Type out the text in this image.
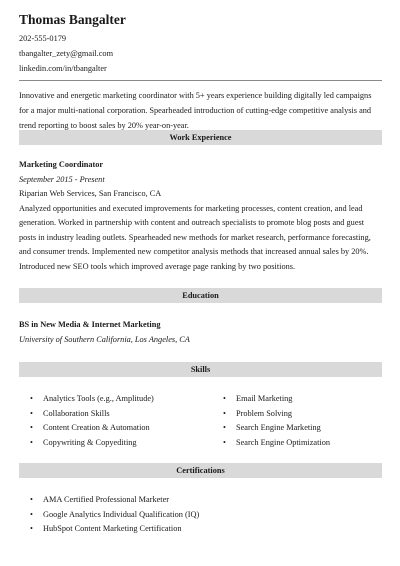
Thomas Bangalter
202-555-0179
tbangalter_zety@gmail.com
linkedin.com/in/tbangalter
Innovative and energetic marketing coordinator with 5+ years experience building digitally led campaigns for a major multi-national corporation. Spearheaded introduction of cutting-edge competitive analysis and trend reporting to boost sales by 20% year-on-year.
Work Experience
Marketing Coordinator
September 2015 - Present
Riparian Web Services, San Francisco, CA
Analyzed opportunities and executed improvements for marketing processes, content creation, and lead generation. Worked in partnership with content and outreach specialists to promote blog posts and guest posts in industry leading outlets. Spearheaded new methods for market research, performance forecasting, and consumer trends. Implemented new competitor analysis methods that increased annual sales by 20%. Introduced new SEO tools which improved average page ranking by two positions.
Education
BS in New Media & Internet Marketing
University of Southern California, Los Angeles, CA
Skills
• Analytics Tools (e.g., Amplitude)
• Collaboration Skills
• Content Creation & Automation
• Copywriting & Copyediting
• Email Marketing
• Problem Solving
• Search Engine Marketing
• Search Engine Optimization
Certifications
• AMA Certified Professional Marketer
• Google Analytics Individual Qualification (IQ)
• HubSpot Content Marketing Certification
